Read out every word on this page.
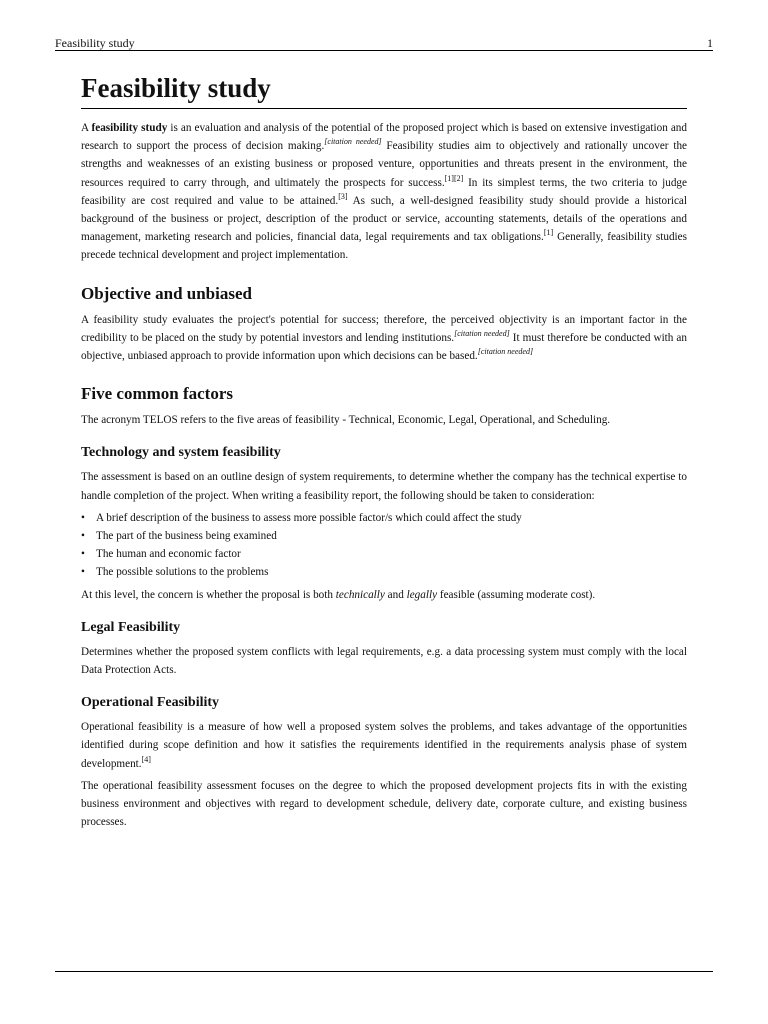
Feasibility study	1
Feasibility study

A feasibility study is an evaluation and analysis of the potential of the proposed project which is based on extensive investigation and research to support the process of decision making.[citation needed] Feasibility studies aim to objectively and rationally uncover the strengths and weaknesses of an existing business or proposed venture, opportunities and threats present in the environment, the resources required to carry through, and ultimately the prospects for success.[1][2] In its simplest terms, the two criteria to judge feasibility are cost required and value to be attained.[3] As such, a well-designed feasibility study should provide a historical background of the business or project, description of the product or service, accounting statements, details of the operations and management, marketing research and policies, financial data, legal requirements and tax obligations.[1] Generally, feasibility studies precede technical development and project implementation.

Objective and unbiased

A feasibility study evaluates the project's potential for success; therefore, the perceived objectivity is an important factor in the credibility to be placed on the study by potential investors and lending institutions.[citation needed] It must therefore be conducted with an objective, unbiased approach to provide information upon which decisions can be based.[citation needed]

Five common factors

The acronym TELOS refers to the five areas of feasibility - Technical, Economic, Legal, Operational, and Scheduling.

Technology and system feasibility

The assessment is based on an outline design of system requirements, to determine whether the company has the technical expertise to handle completion of the project. When writing a feasibility report, the following should be taken to consideration:

• A brief description of the business to assess more possible factor/s which could affect the study
• The part of the business being examined
• The human and economic factor
• The possible solutions to the problems

At this level, the concern is whether the proposal is both technically and legally feasible (assuming moderate cost).

Legal Feasibility

Determines whether the proposed system conflicts with legal requirements, e.g. a data processing system must comply with the local Data Protection Acts.

Operational Feasibility

Operational feasibility is a measure of how well a proposed system solves the problems, and takes advantage of the opportunities identified during scope definition and how it satisfies the requirements identified in the requirements analysis phase of system development.[4]

The operational feasibility assessment focuses on the degree to which the proposed development projects fits in with the existing business environment and objectives with regard to development schedule, delivery date, corporate culture, and existing business processes.
